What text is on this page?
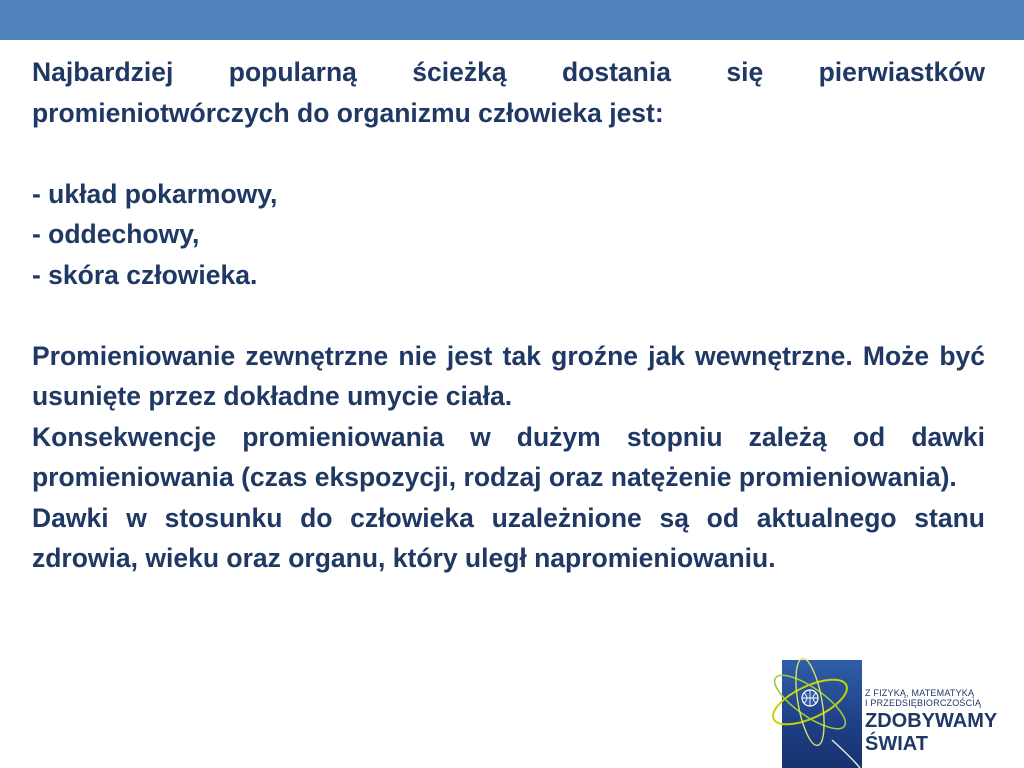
Najbardziej popularną ścieżką dostania się pierwiastków promieniotwórczych do organizmu człowieka jest:

- układ pokarmowy,

- oddechowy,

- skóra człowieka.

Promieniowanie zewnętrzne nie jest tak groźne jak wewnętrzne. Może być usunięte przez dokładne umycie ciała.

Konsekwencje promieniowania w dużym stopniu zależą od dawki promieniowania (czas ekspozycji, rodzaj oraz natężenie promieniowania).

Dawki w stosunku do człowieka uzależnione są od aktualnego stanu zdrowia, wieku oraz organu, który uległ napromieniowaniu.

Z FIZYKĄ, MATEMATYKĄ
I PRZEDSIĘBIORCZOŚCIĄ
ZDOBYWAMY
ŚWIAT
